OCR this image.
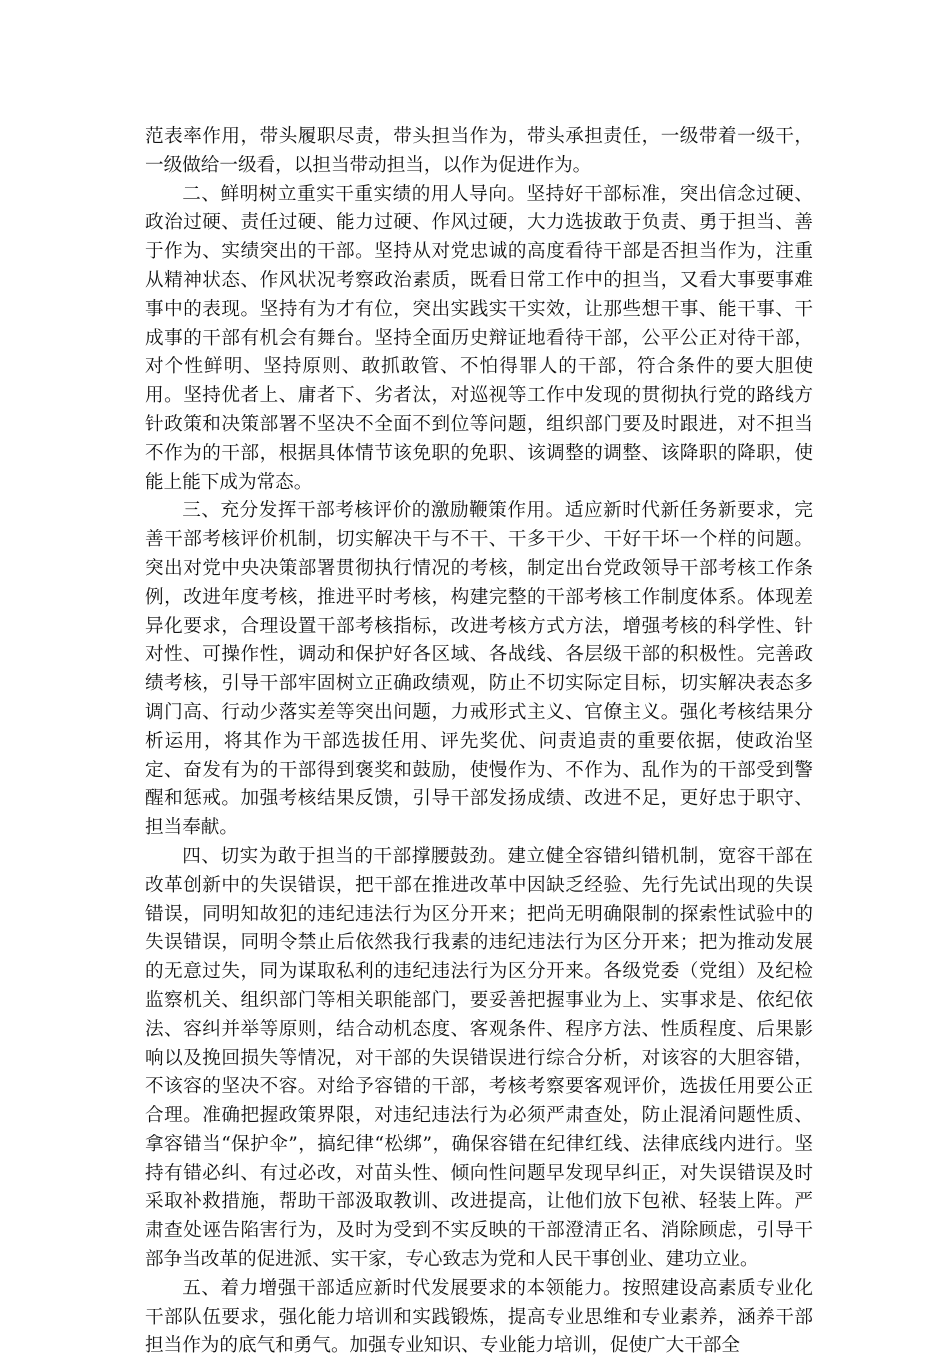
范表率作用，带头履职尽责，带头担当作为，带头承担责任，一级带着一级干，一级做给一级看，以担当带动担当，以作为促进作为。

二、鲜明树立重实干重实绩的用人导向。坚持好干部标准，突出信念过硬、政治过硬、责任过硬、能力过硬、作风过硬，大力选拔敢于负责、勇于担当、善于作为、实绩突出的干部。坚持从对党忠诚的高度看待干部是否担当作为，注重从精神状态、作风状况考察政治素质，既看日常工作中的担当，又看大事要事难事中的表现。坚持有为才有位，突出实践实干实效，让那些想干事、能干事、干成事的干部有机会有舞台。坚持全面历史辩证地看待干部，公平公正对待干部，对个性鲜明、坚持原则、敢抓敢管、不怕得罪人的干部，符合条件的要大胆使用。坚持优者上、庸者下、劣者汰，对巡视等工作中发现的贯彻执行党的路线方针政策和决策部署不坚决不全面不到位等问题，组织部门要及时跟进，对不担当不作为的干部，根据具体情节该免职的免职、该调整的调整、该降职的降职，使能上能下成为常态。

三、充分发挥干部考核评价的激励鞭策作用。适应新时代新任务新要求，完善干部考核评价机制，切实解决干与不干、干多干少、干好干坏一个样的问题。突出对党中央决策部署贯彻执行情况的考核，制定出台党政领导干部考核工作条例，改进年度考核，推进平时考核，构建完整的干部考核工作制度体系。体现差异化要求，合理设置干部考核指标，改进考核方式方法，增强考核的科学性、针对性、可操作性，调动和保护好各区域、各战线、各层级干部的积极性。完善政绩考核，引导干部牢固树立正确政绩观，防止不切实际定目标，切实解决表态多调门高、行动少落实差等突出问题，力戒形式主义、官僚主义。强化考核结果分析运用，将其作为干部选拔任用、评先奖优、问责追责的重要依据，使政治坚定、奋发有为的干部得到褒奖和鼓励，使慢作为、不作为、乱作为的干部受到警醒和惩戒。加强考核结果反馈，引导干部发扬成绩、改进不足，更好忠于职守、担当奉献。

四、切实为敢于担当的干部撑腰鼓劲。建立健全容错纠错机制，宽容干部在改革创新中的失误错误，把干部在推进改革中因缺乏经验、先行先试出现的失误错误，同明知故犯的违纪违法行为区分开来；把尚无明确限制的探索性试验中的失误错误，同明令禁止后依然我行我素的违纪违法行为区分开来；把为推动发展的无意过失，同为谋取私利的违纪违法行为区分开来。各级党委（党组）及纪检监察机关、组织部门等相关职能部门，要妥善把握事业为上、实事求是、依纪依法、容纠并举等原则，结合动机态度、客观条件、程序方法、性质程度、后果影响以及挽回损失等情况，对干部的失误错误进行综合分析，对该容的大胆容错，不该容的坚决不容。对给予容错的干部，考核考察要客观评价，选拔任用要公正合理。准确把握政策界限，对违纪违法行为必须严肃查处，防止混淆问题性质、拿容错当“保护伞”，搞纪律“松绑”，确保容错在纪律红线、法律底线内进行。坚持有错必纠、有过必改，对苗头性、倾向性问题早发现早纠正，对失误错误及时采取补救措施，帮助干部汲取教训、改进提高，让他们放下包袱、轻装上阵。严肃查处诬告陷害行为，及时为受到不实反映的干部澄清正名、消除顾虑，引导干部争当改革的促进派、实干家，专心致志为党和人民干事创业、建功立业。

五、着力增强干部适应新时代发展要求的本领能力。按照建设高素质专业化干部队伍要求，强化能力培训和实践锻炼，提高专业思维和专业素养，涵养干部担当作为的底气和勇气。加强专业知识、专业能力培训，促使广大干部全
